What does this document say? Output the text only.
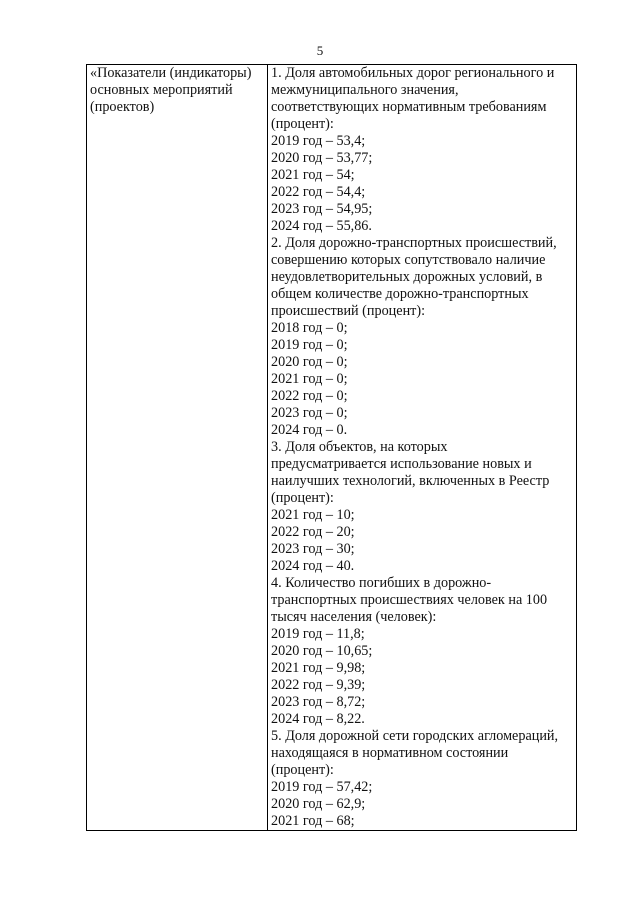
5
«Показатели (индикаторы)
основных мероприятий
(проектов)

1. Доля автомобильных дорог регионального и
межмуниципального значения,
соответствующих нормативным требованиям
(процент):
2019 год – 53,4;
2020 год – 53,77;
2021 год – 54;
2022 год – 54,4;
2023 год – 54,95;
2024 год – 55,86.
2. Доля дорожно-транспортных происшествий,
совершению которых сопутствовало наличие
неудовлетворительных дорожных условий, в
общем количестве дорожно-транспортных
происшествий (процент):
2018 год – 0;
2019 год – 0;
2020 год – 0;
2021 год – 0;
2022 год – 0;
2023 год – 0;
2024 год – 0.
3. Доля объектов, на которых
предусматривается использование новых и
наилучших технологий, включенных в Реестр
(процент):
2021 год – 10;
2022 год – 20;
2023 год – 30;
2024 год – 40.
4. Количество погибших в дорожно-
транспортных происшествиях человек на 100
тысяч населения (человек):
2019 год – 11,8;
2020 год – 10,65;
2021 год – 9,98;
2022 год – 9,39;
2023 год – 8,72;
2024 год – 8,22.
5. Доля дорожной сети городских агломераций,
находящаяся в нормативном состоянии
(процент):
2019 год – 57,42;
2020 год – 62,9;
2021 год – 68;
